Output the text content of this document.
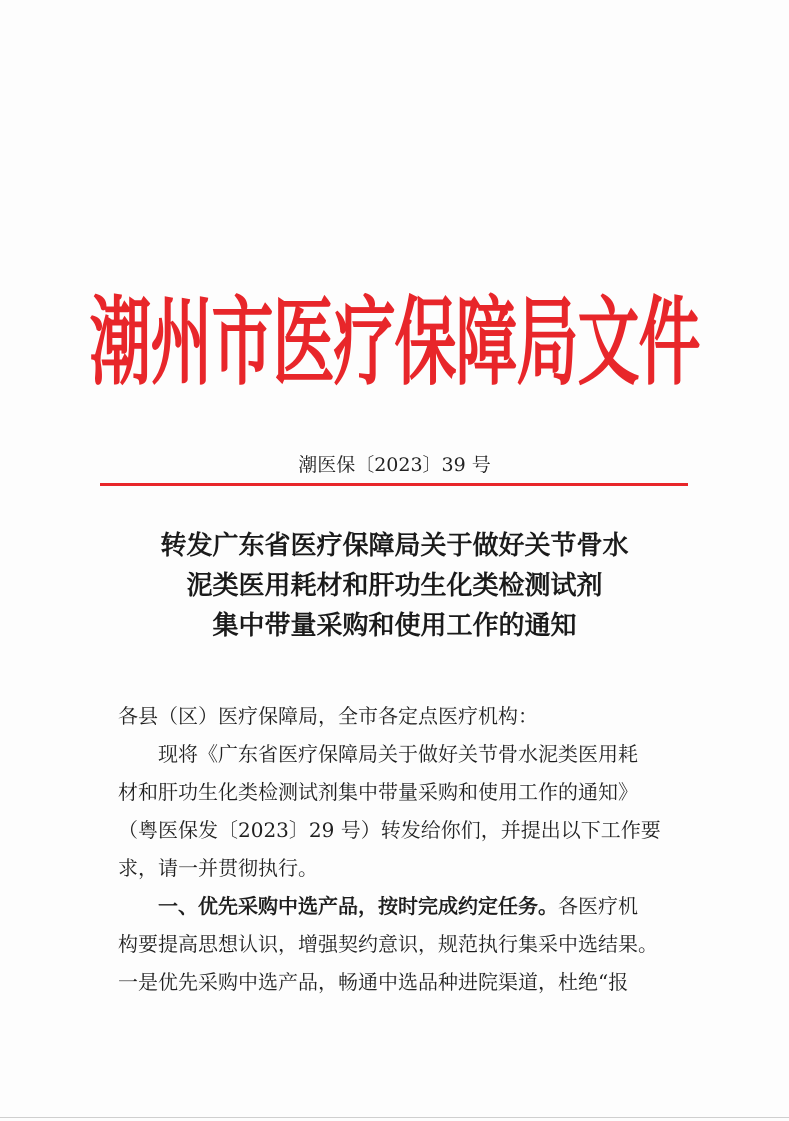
潮州市医疗保障局文件
潮医保〔2023〕39 号
转发广东省医疗保障局关于做好关节骨水
泥类医用耗材和肝功生化类检测试剂
集中带量采购和使用工作的通知
各县（区）医疗保障局，全市各定点医疗机构：
现将《广东省医疗保障局关于做好关节骨水泥类医用耗
材和肝功生化类检测试剂集中带量采购和使用工作的通知》
（粤医保发〔2023〕29 号）转发给你们，并提出以下工作要
求，请一并贯彻执行。
一、优先采购中选产品，按时完成约定任务。各医疗机
构要提高思想认识，增强契约意识，规范执行集采中选结果。
一是优先采购中选产品，畅通中选品种进院渠道，杜绝“报
